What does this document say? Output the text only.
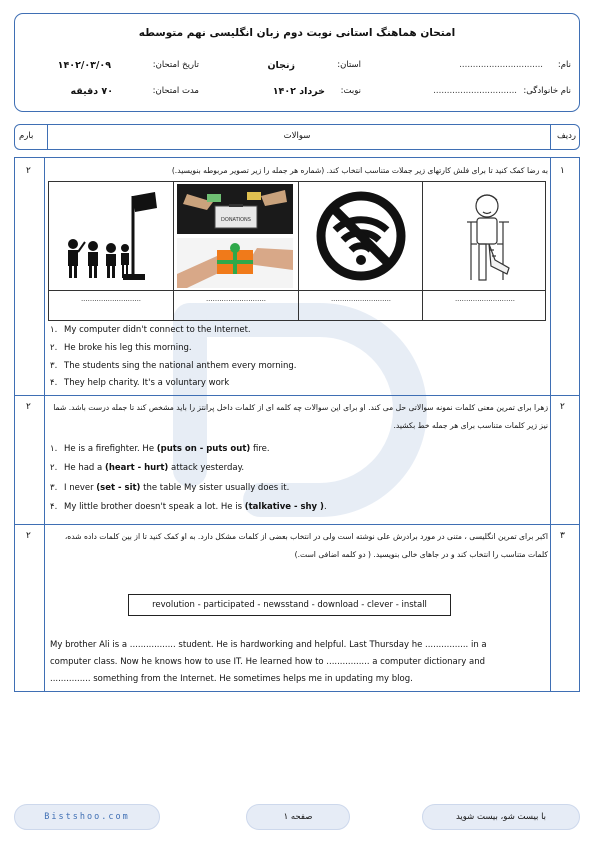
امتحان هماهنگ استانی نوبت دوم زبان انگلیسی نهم متوسطه
نام:
...............................
استان:
زنجان
تاریخ امتحان:
۱۴۰۲/۰۳/۰۹
نام خانوادگی:
...............................
نوبت:
خرداد ۱۴۰۲
مدت امتحان:
۷۰ دقیقه
ردیف
سوالات
بارم
۱
۲	به رضا کمک کنید تا برای فلش کارتهای زیر جملات متناسب انتخاب کند. (شماره هر جمله را زیر تصویر مربوطه بنویسید.)
DONATIONS
...........................	...........................	...........................	...........................
۱. My computer didn't connect to the Internet.
۲. He broke his leg this morning.
۳. The students sing the national anthem every morning.
۴. They help charity. It's a voluntary work
۲
۲	زهرا برای تمرین معنی کلمات نمونه سوالاتی حل می کند. او برای این سوالات چه کلمه ای از کلمات داخل پرانتز را باید مشخص کند تا جمله درست باشد. شما نیز زیر کلمات متناسب برای هر جمله خط بکشید.
۱. He is a firefighter. He (puts on - puts out) fire.
۲. He had a (heart - hurt) attack yesterday.
۳. I never (set - sit) the table My sister usually does it.
۴. My little brother doesn't speak a lot. He is (talkative - shy ).
۳
۲	اکبر برای تمرین انگلیسی ، متنی در مورد برادرش علی نوشته است ولی در انتخاب بعضی از کلمات مشکل دارد. به او کمک کنید تا از بین کلمات داده شده، کلمات متناسب را انتخاب کند و در جاهای خالی بنویسید. ( دو کلمه اضافی است.)
revolution - participated - newsstand - download - clever - install
My brother Ali is a ................. student. He is hardworking and helpful. Last Thursday he ................ in a
computer class. Now he knows how to use IT. He learned how to ................ a computer dictionary and
............... something from the Internet. He sometimes helps me in updating my blog.
Bistshoo.com	صفحه ۱	با بیست شو، بیست شوید
